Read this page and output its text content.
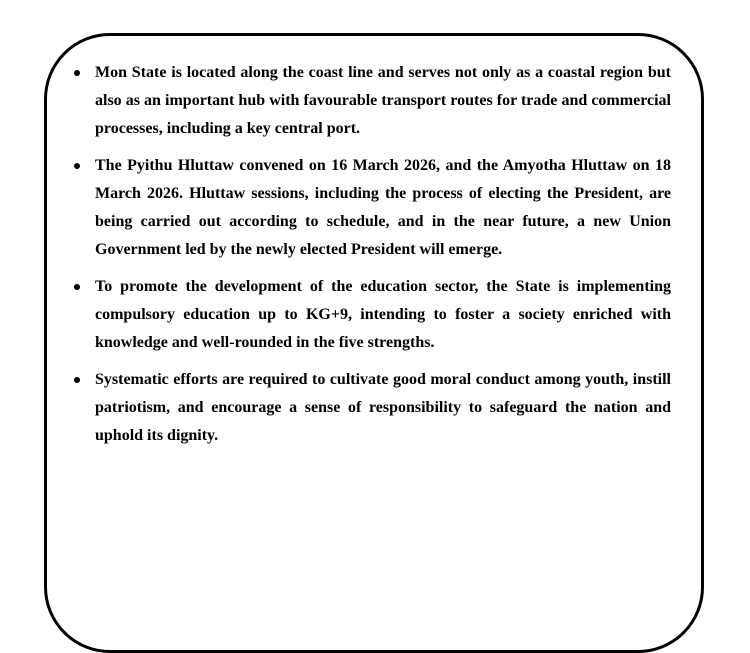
Mon State is located along the coast line and serves not only as a coastal region but also as an important hub with favourable transport routes for trade and commercial processes, including a key central port.
The Pyithu Hluttaw convened on 16 March 2026, and the Amyotha Hluttaw on 18 March 2026. Hluttaw sessions, including the process of electing the President, are being carried out according to schedule, and in the near future, a new Union Government led by the newly elected President will emerge.
To promote the development of the education sector, the State is implementing compulsory education up to KG+9, intending to foster a society enriched with knowledge and well-rounded in the five strengths.
Systematic efforts are required to cultivate good moral conduct among youth, instill patriotism, and encourage a sense of responsibility to safeguard the nation and uphold its dignity.
